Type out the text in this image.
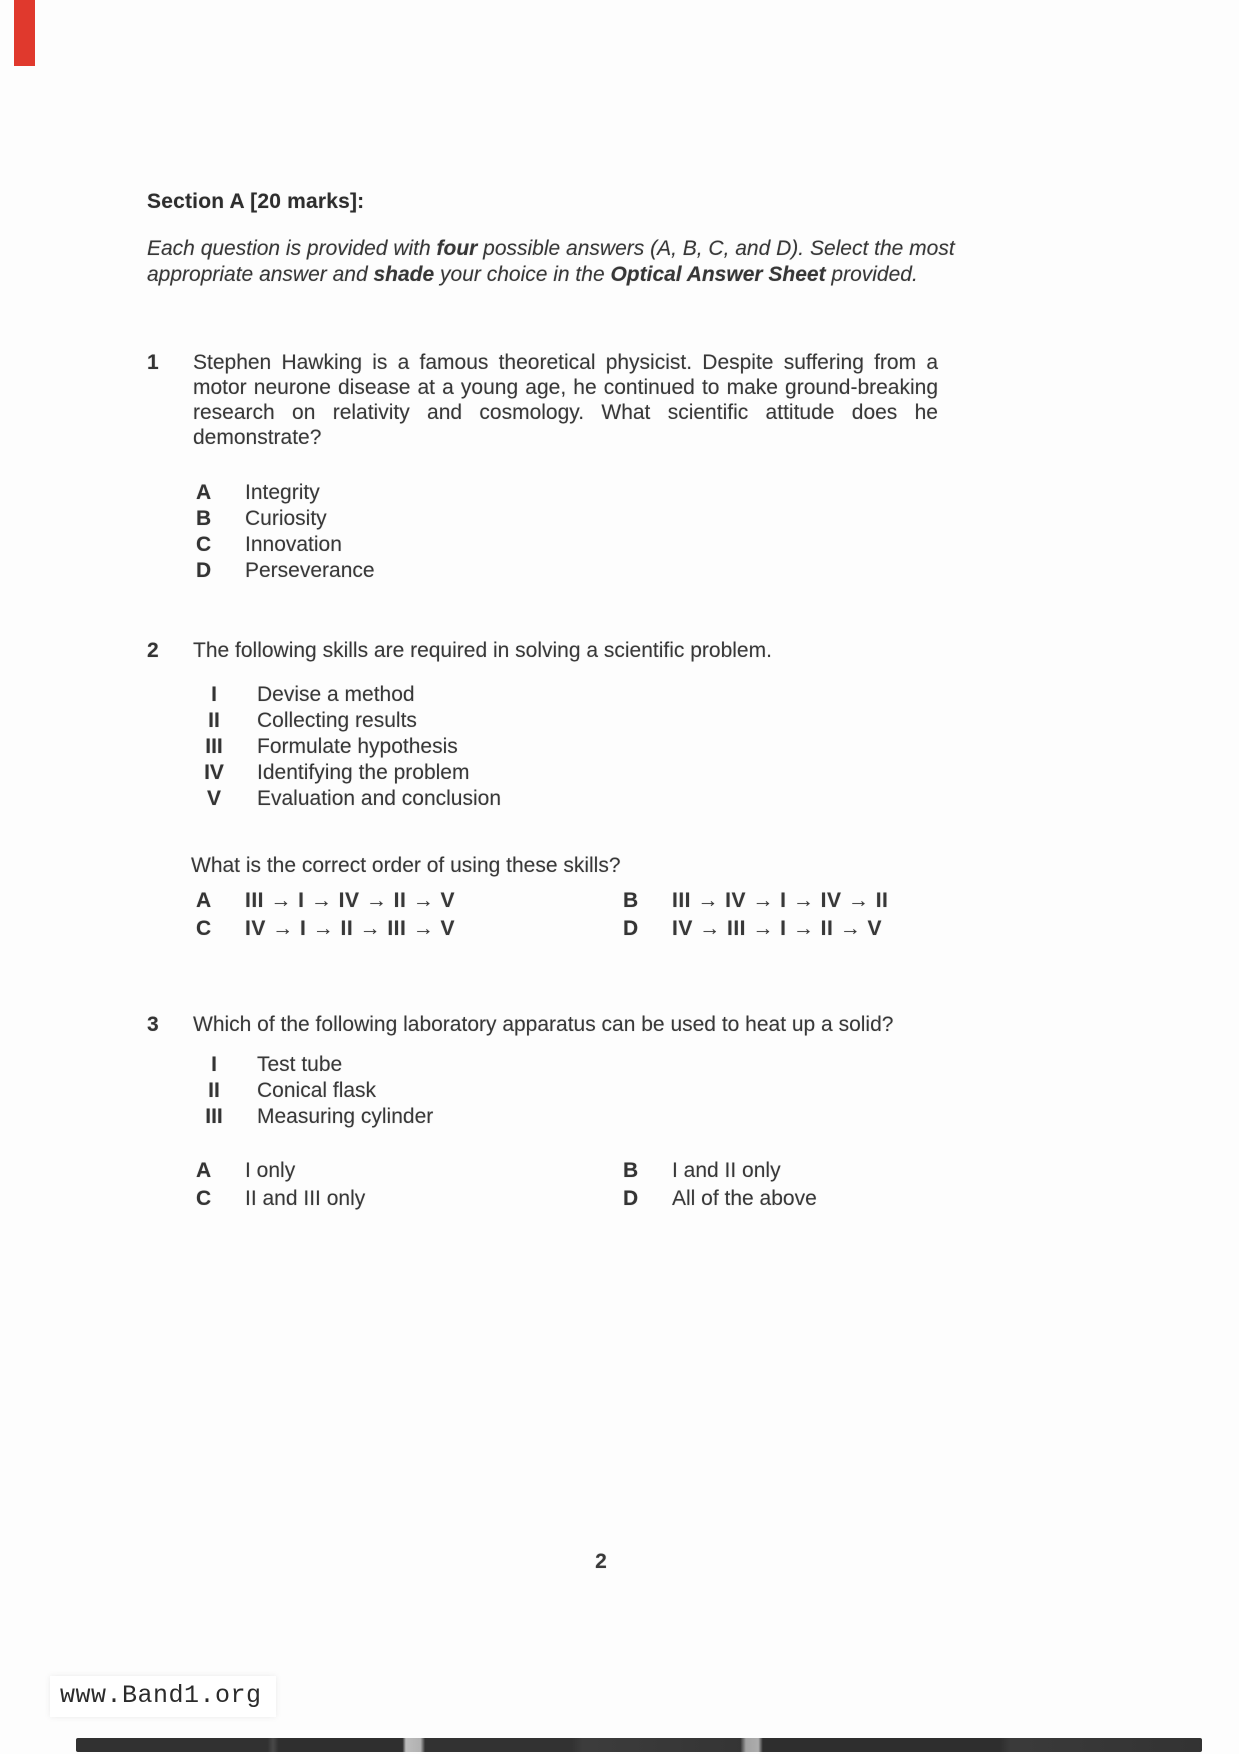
Section A [20 marks]:
Each question is provided with four possible answers (A, B, C, and D). Select the most
appropriate answer and shade your choice in the Optical Answer Sheet provided.
1	Stephen Hawking is a famous theoretical physicist. Despite suffering from a
motor neurone disease at a young age, he continued to make ground-breaking
research on relativity and cosmology. What scientific attitude does he
demonstrate?
A Integrity
B Curiosity
C Innovation
D Perseverance
2	The following skills are required in solving a scientific problem.
I Devise a method
II Collecting results
III Formulate hypothesis
IV Identifying the problem
V Evaluation and conclusion
What is the correct order of using these skills?
A III → I → IV → II → V	B III → IV → I → IV → II
C IV → I → II → III → V	D IV → III → I → II → V
3	Which of the following laboratory apparatus can be used to heat up a solid?
I Test tube
II Conical flask
III Measuring cylinder
A I only	B I and II only
C II and III only	D All of the above
2
www.Band1.org
